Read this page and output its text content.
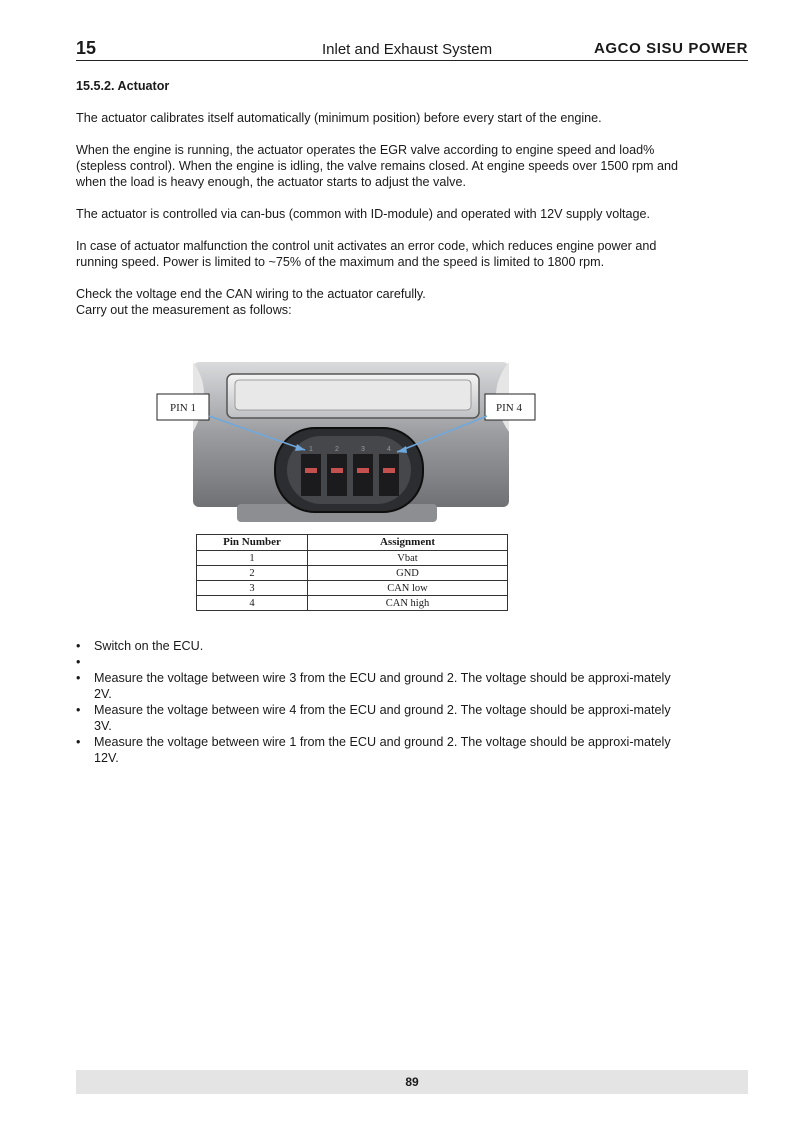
15	Inlet and Exhaust System	AGCO SISU POWER
15.5.2. Actuator

The actuator calibrates itself automatically (minimum position) before every start of the engine.

When the engine is running, the actuator operates the EGR valve according to engine speed and load% (stepless control). When the engine is idling, the valve remains closed. At engine speeds over 1500 rpm and when the load is heavy enough, the actuator starts to adjust the valve.

The actuator is controlled via can-bus (common with ID-module) and operated with 12V supply voltage.

In case of actuator malfunction the control unit activates an error code, which reduces engine power and running speed. Power is limited to ~75% of the maximum and the speed is limited to 1800 rpm.

Check the voltage end the CAN wiring to the actuator carefully.

Carry out the measurement as follows:

1	2	3	4
PIN 1	PIN 4
Pin Number	Assignment
1	Vbat
2	GND
3	CAN low
4	CAN high
• Switch on the ECU.
•
• Measure the voltage between wire 3 from the ECU and ground 2. The voltage should be approxi-mately 2V.
• Measure the voltage between wire 4 from the ECU and ground 2. The voltage should be approxi-mately 3V.
• Measure the voltage between wire 1 from the ECU and ground 2. The voltage should be approxi-mately 12V.
89
